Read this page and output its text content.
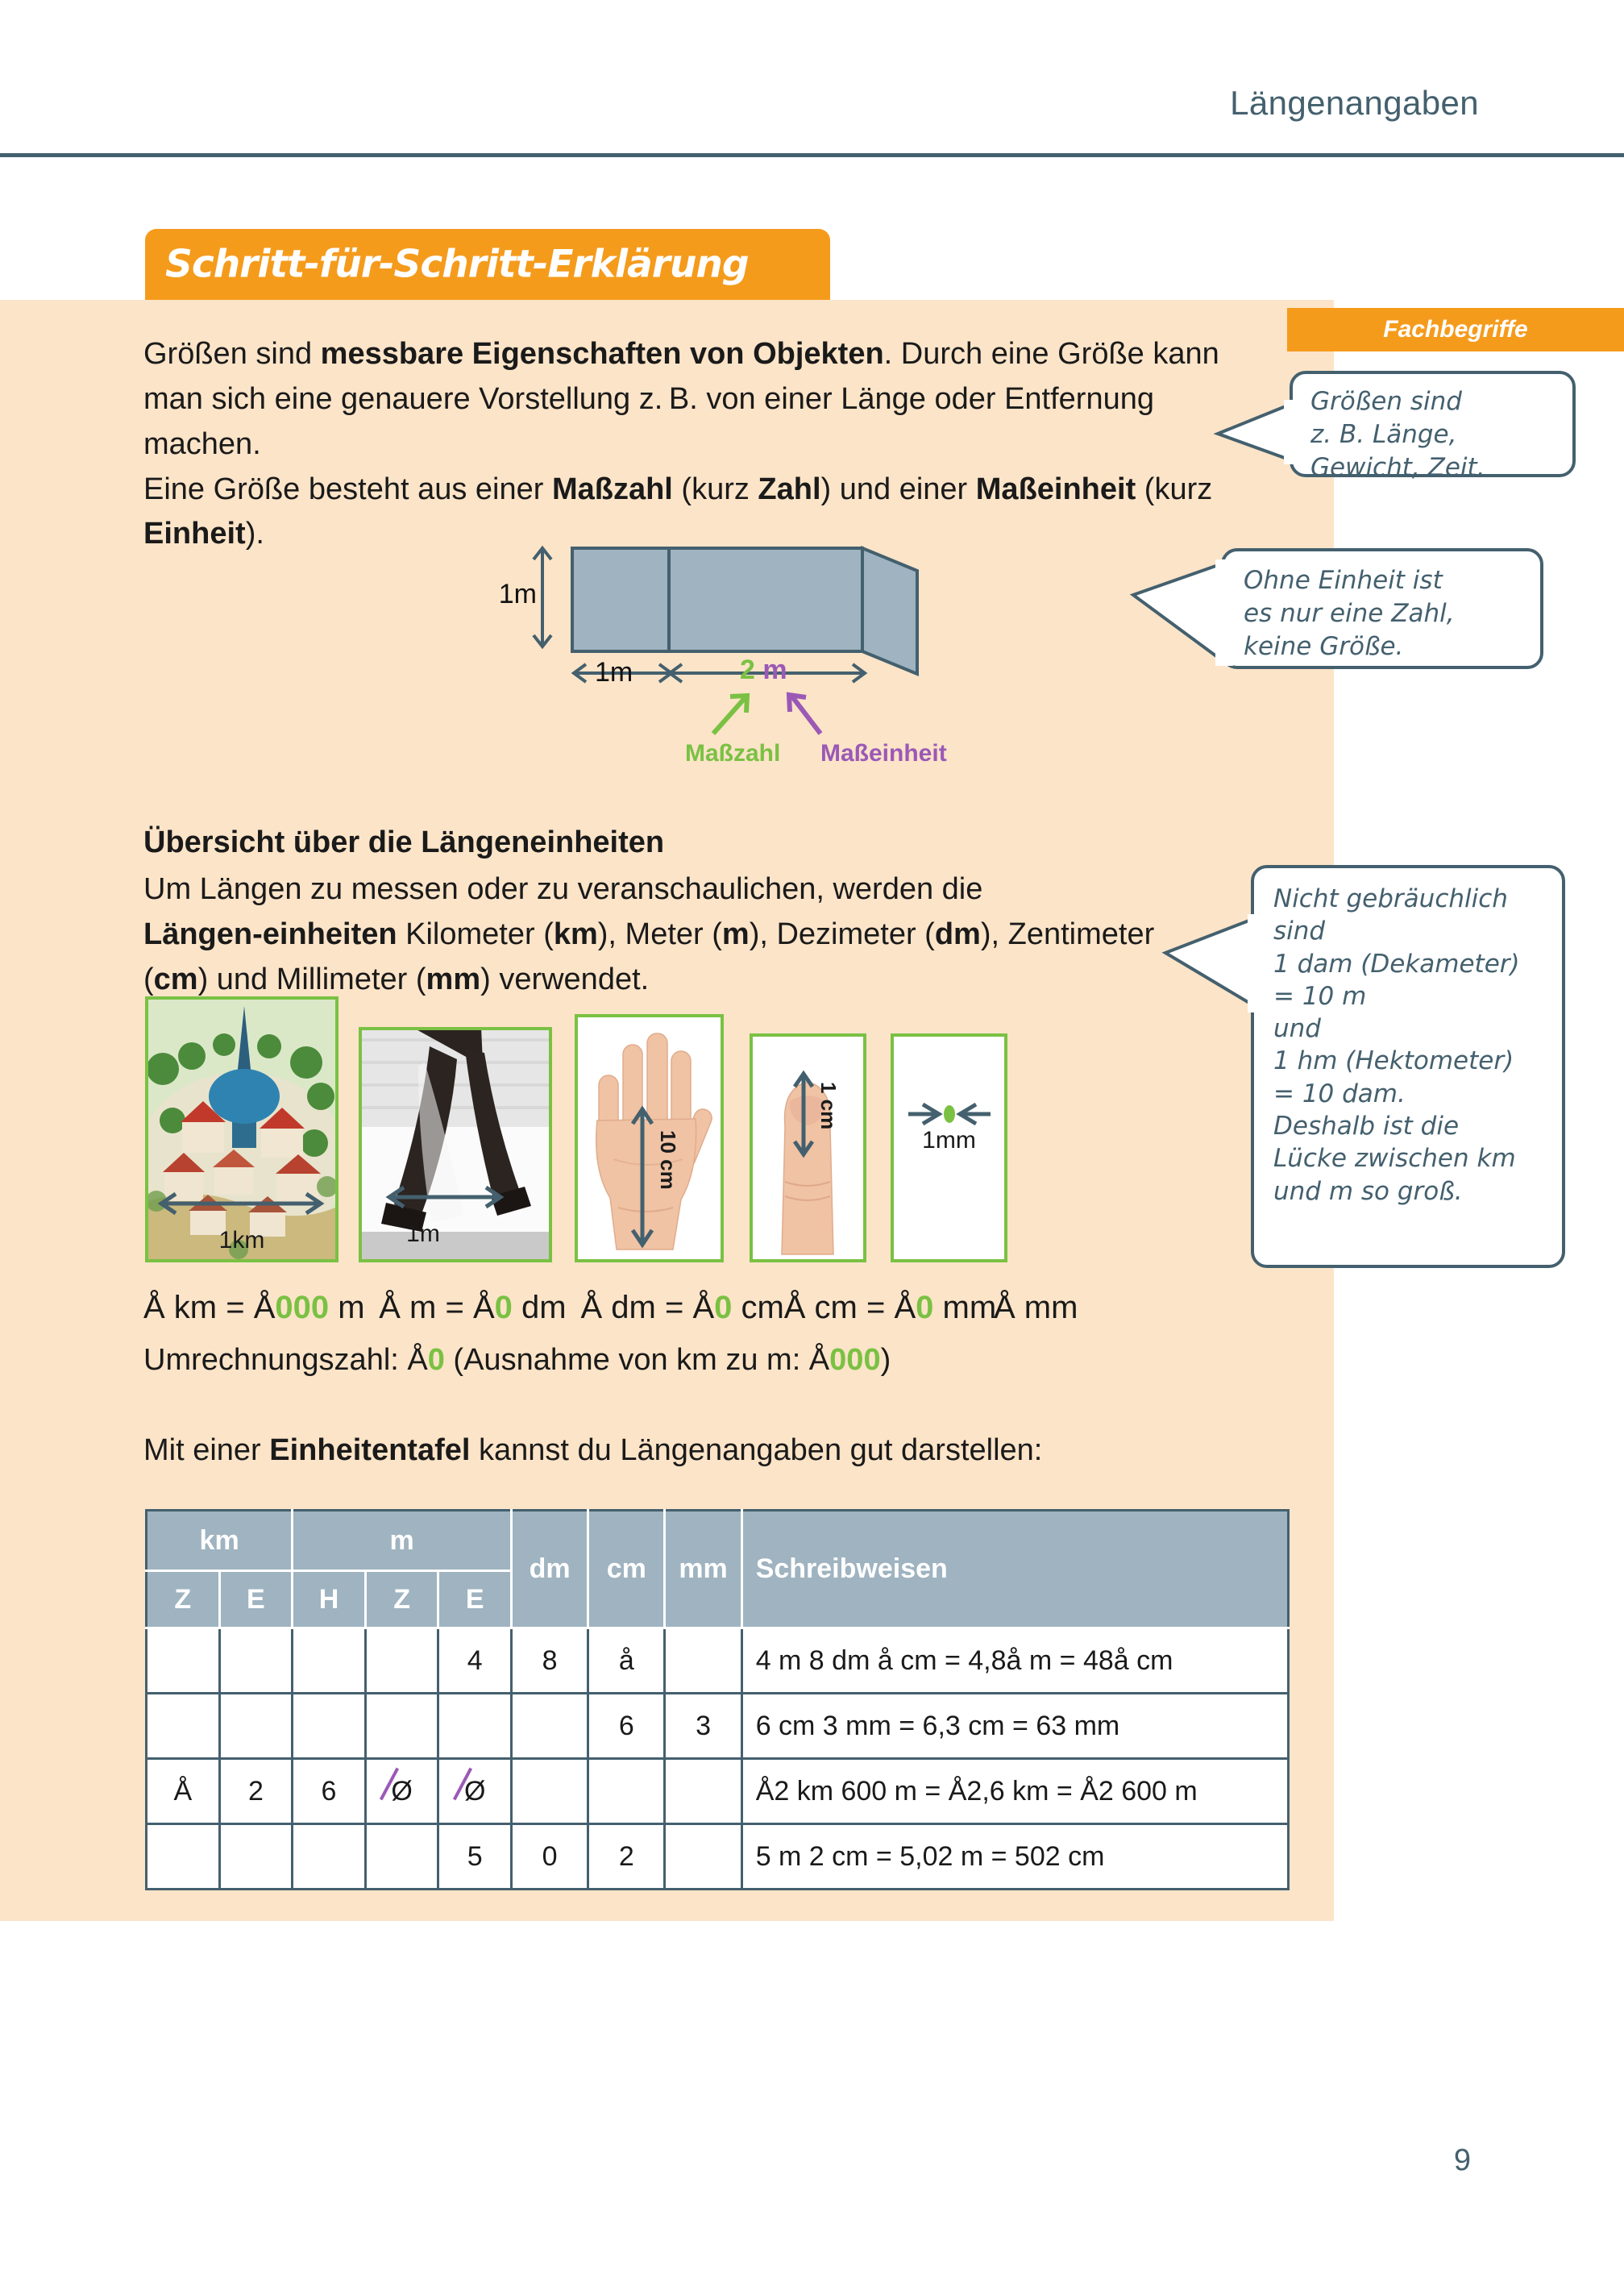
Längenangaben
Schritt-für-Schritt-Erklärung

Größen sind messbare Eigenschaften von Objekten. Durch eine Größe kann man sich eine genauere Vorstellung z. B. von einer Länge oder Entfernung machen.

Eine Größe besteht aus einer Maßzahl (kurz Zahl) und einer Maßeinheit (kurz Einheit).

Fachbegriffe
Größen sind
z. B. Länge,
Gewicht, Zeit.
Ohne Einheit ist
es nur eine Zahl,
keine Größe.
Nicht gebräuchlich
sind
1 dam (Dekameter)
= 10 m
und
1 hm (Hektometer)
= 10 dam.
Deshalb ist die
Lücke zwischen km
und m so groß.
1m
1m	2 m
Maßzahl Maßeinheit
Übersicht über die Längeneinheiten
Um Längen zu messen oder zu veranschaulichen, werden die Längen‑einheiten Kilometer (km), Meter (m), Dezimeter (dm), Zentimeter (cm) und Millimeter (mm) verwendet.
1km	1m
10 cm
1 cm
1mm
Å km = Å000 m Å m = Å0 dm Å dm = Å0 cm  Å cm = Å0 mm  Å mm
Umrechnungszahl: Å0 (Ausnahme von km zu m: Å000)
Mit einer Einheitentafel kannst du Längenangaben gut darstellen:
km		m			dm	cm	mm	Schreibweisen
Z	E	H	Z	E				
				4	8	å		4 m 8 dm å cm = 4,8å m = 48å cm
						6	3	6 cm 3 mm = 6,3 cm = 63 mm
Å	2	6	Ø	Ø				Å2 km 600 m = Å2,6 km = Å2 600 m
				5	0	2		5 m 2 cm = 5,02 m = 502 cm
9
